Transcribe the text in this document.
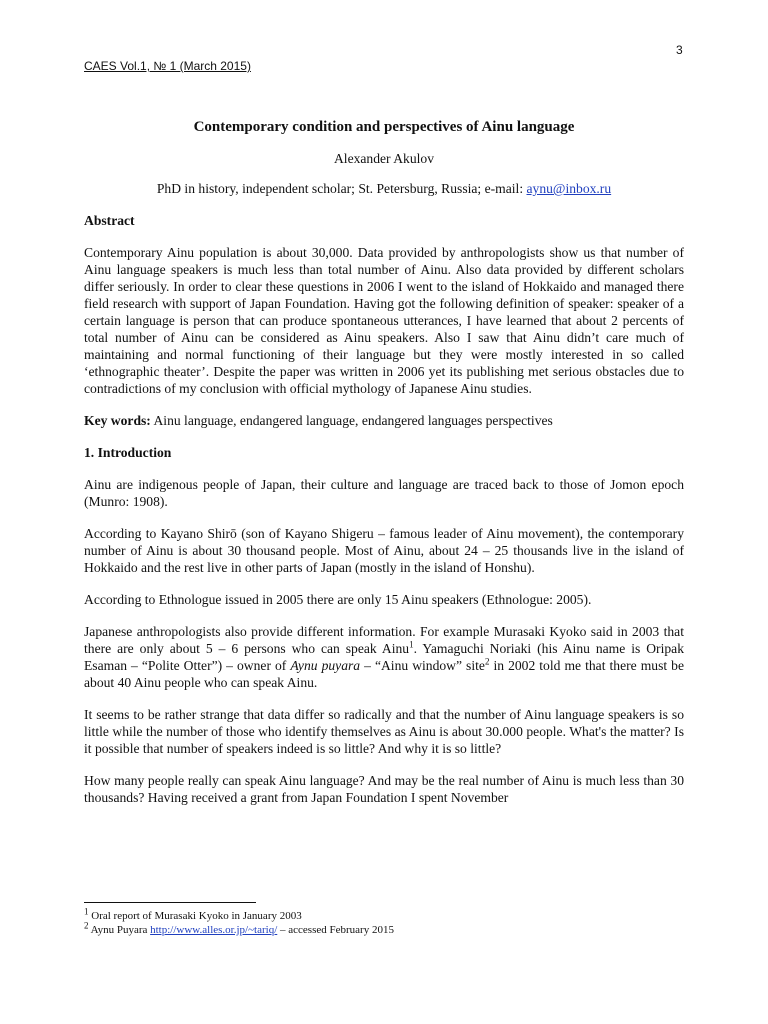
3
CAES Vol.1, № 1 (March 2015)
Contemporary condition and perspectives of Ainu language
Alexander Akulov
PhD in history, independent scholar; St. Petersburg, Russia; e-mail: aynu@inbox.ru
Abstract

Contemporary Ainu population is about 30,000. Data provided by anthropologists show us that number of Ainu language speakers is much less than total number of Ainu. Also data provided by different scholars differ seriously. In order to clear these questions in 2006 I went to the island of Hokkaido and managed there field research with support of Japan Foundation. Having got the following definition of speaker: speaker of a certain language is person that can produce spontaneous utterances, I have learned that about 2 percents of total number of Ainu can be considered as Ainu speakers. Also I saw that Ainu didn’t care much of maintaining and normal functioning of their language but they were mostly interested in so called ‘ethnographic theater’. Despite the paper was written in 2006 yet its publishing met serious obstacles due to contradictions of my conclusion with official mythology of Japanese Ainu studies.

Key words: Ainu language, endangered language, endangered languages perspectives

1. Introduction

Ainu are indigenous people of Japan, their culture and language are traced back to those of Jomon epoch (Munro: 1908).

According to Kayano Shirō (son of Kayano Shigeru – famous leader of Ainu movement), the contemporary number of Ainu is about 30 thousand people. Most of Ainu, about 24 – 25 thousands live in the island of Hokkaido and the rest live in other parts of Japan (mostly in the island of Honshu).

According to Ethnologue issued in 2005 there are only 15 Ainu speakers (Ethnologue: 2005).

Japanese anthropologists also provide different information. For example Murasaki Kyoko said in 2003 that there are only about 5 – 6 persons who can speak Ainu$^1$. Yamaguchi Noriaki (his Ainu name is Oripak Esaman – “Polite Otter”) – owner of Aynu puyara – “Ainu window” site$^2$ in 2002 told me that there must be about 40 Ainu people who can speak Ainu.

It seems to be rather strange that data differ so radically and that the number of Ainu language speakers is so little while the number of those who identify themselves as Ainu is about 30.000 people. What's the matter? Is it possible that number of speakers indeed is so little? And why it is so little?

How many people really can speak Ainu language? And may be the real number of Ainu is much less than 30 thousands? Having received a grant from Japan Foundation I spent November

$^1$ Oral report of Murasaki Kyoko in January 2003

$^2$ Aynu Puyara http://www.alles.or.jp/~tariq/ – accessed February 2015
